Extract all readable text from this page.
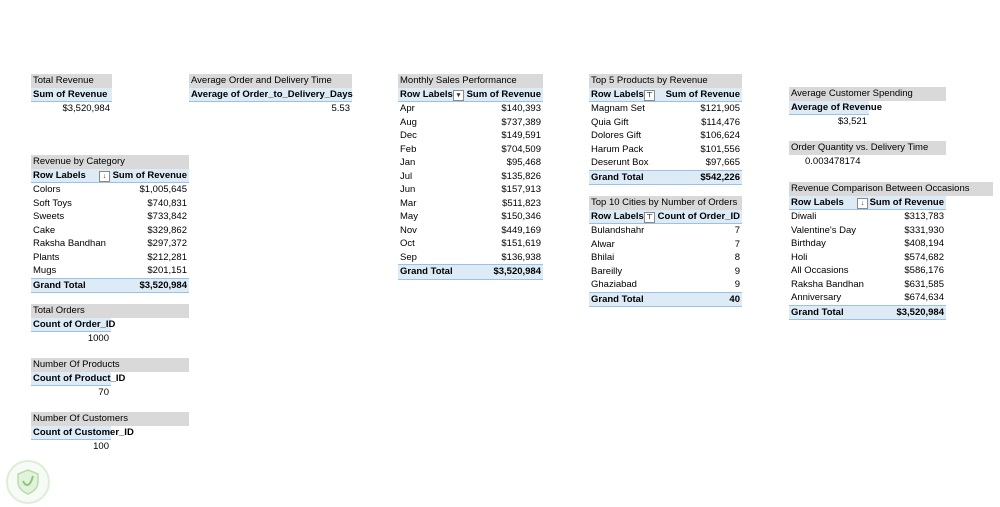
Total Revenue
Sum of Revenue
$3,520,984
Average Order and Delivery Time
Average of Order_to_Delivery_Days
5.53
Revenue by Category
Row Labels	↓ Sum of Revenue
Colors	$1,005,645
Soft Toys	$740,831
Sweets	$733,842
Cake	$329,862
Raksha Bandhan	$297,372
Plants	$212,281
Mugs	$201,151
Grand Total	$3,520,984
Total Orders
Count of Order_ID
1000
Number Of Products
Count of Product_ID
70
Number Of Customers
Count of Customer_ID
100
Monthly Sales Performance
Row Labels ▾ Sum of Revenue
Apr	$140,393
Aug	$737,389
Dec	$149,591
Feb	$704,509
Jan	$95,468
Jul	$135,826
Jun	$157,913
Mar	$511,823
May	$150,346
Nov	$449,169
Oct	$151,619
Sep	$136,938
Grand Total	$3,520,984
Top 5 Products by Revenue
Row Labels ⊤ Sum of Revenue
Magnam Set	$121,905
Quia Gift	$114,476
Dolores Gift	$106,624
Harum Pack	$101,556
Deserunt Box	$97,665
Grand Total	$542,226
Top 10 Cities by Number of Orders
Row Labels ⊤ Count of Order_ID
Bulandshahr	7
Alwar	7
Bhilai	8
Bareilly	9
Ghaziabad	9
Grand Total	40
Average Customer Spending
Average of Revenue
$3,521
Order Quantity vs. Delivery Time
0.003478174
Revenue Comparison Between Occasions
Row Labels	↓ Sum of Revenue
Diwali	$313,783
Valentine's Day	$331,930
Birthday	$408,194
Holi	$574,682
All Occasions	$586,176
Raksha Bandhan	$631,585
Anniversary	$674,634
Grand Total	$3,520,984
